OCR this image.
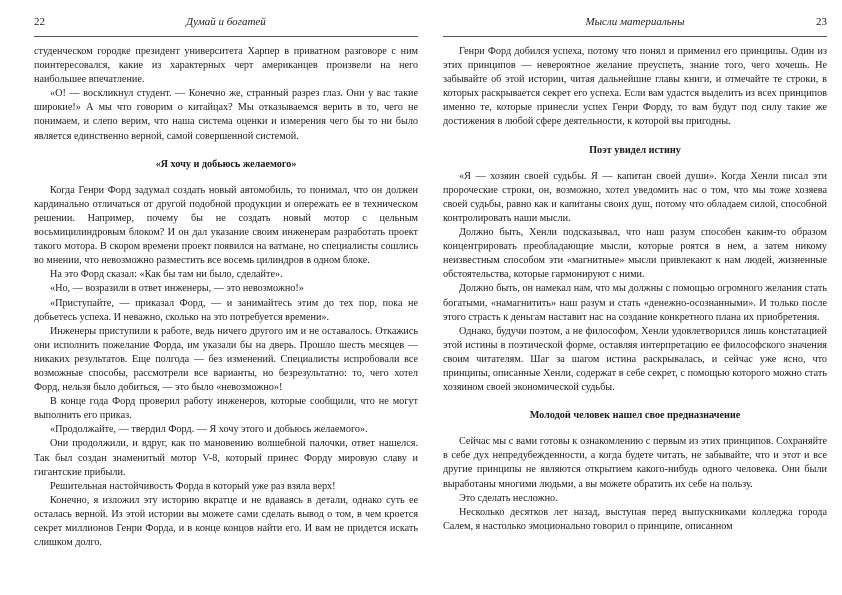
22	Думай и богатей

студенческом городке президент университета Харпер в приватном разговоре с ним поинтересовался, какие из характерных черт американцев произвели на него наибольшее впечатление.

«О! — воскликнул студент. — Конечно же, странный разрез глаз. Они у вас такие широкие!» А мы что говорим о китайцах? Мы отказываемся верить в то, чего не понимаем, и слепо верим, что наша система оценки и измерения чего бы то ни было является единственно верной, самой совершенной системой.

«Я хочу и добьюсь желаемого»

Когда Генри Форд задумал создать новый автомобиль, то понимал, что он должен кардинально отличаться от другой подобной продукции и опережать ее в техническом решении. Например, почему бы не создать новый мотор с цельным восьмицилиндровым блоком? И он дал указание своим инженерам разработать проект такого мотора. В скором времени проект появился на ватмане, но специалисты сошлись во мнении, что невозможно разместить все восемь цилиндров в одном блоке.

На это Форд сказал: «Как бы там ни было, сделайте».

«Но, — возразили в ответ инженеры, — это невозможно!»

«Приступайте, — приказал Форд, — и занимайтесь этим до тех пор, пока не добьетесь успеха. И неважно, сколько на это потребуется времени».

Инженеры приступили к работе, ведь ничего другого им и не оставалось. Откажись они исполнить пожелание Форда, им указали бы на дверь. Прошло шесть месяцев — никаких результатов. Еще полгода — без изменений. Специалисты испробовали все возможные способы, рассмотрели все варианты, но безрезультатно: то, чего хотел Форд, нельзя было добиться, — это было «невозможно»!

В конце года Форд проверил работу инженеров, которые сообщили, что не могут выполнить его приказ.

«Продолжайте, — твердил Форд. — Я хочу этого и добьюсь желаемого».

Они продолжили, и вдруг, как по мановению волшебной палочки, ответ нашелся. Так был создан знаменитый мотор V-8, который принес Форду мировую славу и гигантские прибыли.

Решительная настойчивость Форда в который уже раз взяла верх!

Конечно, я изложил эту историю вкратце и не вдаваясь в детали, однако суть ее осталась верной. Из этой истории вы можете сами сделать вывод о том, в чем кроется секрет миллионов Генри Форда, и в конце концов найти его. И вам не придется искать слишком долго.

Мысли материальны	23

Генри Форд добился успеха, потому что понял и применил его принципы. Один из этих принципов — невероятное желание преуспеть, знание того, чего хочешь. Не забывайте об этой истории, читая дальнейшие главы книги, и отмечайте те строки, в которых раскрывается секрет его успеха. Если вам удастся выделить из всех принципов именно те, которые принесли успех Генри Форду, то вам будут под силу такие же достижения в любой сфере деятельности, к которой вы пригодны.

Поэт увидел истину

«Я — хозяин своей судьбы. Я — капитан своей души». Когда Хенли писал эти пророческие строки, он, возможно, хотел уведомить нас о том, что мы тоже хозяева своей судьбы, равно как и капитаны своих душ, потому что обладаем силой, способной контролировать наши мысли.

Должно быть, Хенли подсказывал, что наш разум способен каким-то образом концентрировать преобладающие мысли, которые роятся в нем, а затем никому неизвестным способом эти «магнитные» мысли привлекают к нам людей, жизненные обстоятельства, которые гармонируют с ними.

Должно быть, он намекал нам, что мы должны с помощью огромного желания стать богатыми, «намагнитить» наш разум и стать «денежно-осознанными». И только после этого страсть к деньгам наставит нас на создание конкретного плана их приобретения.

Однако, будучи поэтом, а не философом, Хенли удовлетворился лишь констатацией этой истины в поэтической форме, оставляя интерпретацию ее философского значения своим читателям. Шаг за шагом истина раскрывалась, и сейчас уже ясно, что принципы, описанные Хенли, содержат в себе секрет, с помощью которого можно стать хозяином своей экономической судьбы.

Молодой человек нашел свое предназначение

Сейчас мы с вами готовы к ознакомлению с первым из этих принципов. Сохраняйте в себе дух непредубежденности, а когда будете читать, не забывайте, что и этот и все другие принципы не являются открытием какого-нибудь одного человека. Они были выработаны многими людьми, а вы можете обратить их себе на пользу.

Это сделать несложно.

Несколько десятков лет назад, выступая перед выпускниками колледжа города Салем, я настолько эмоционально говорил о принципе, описанном
